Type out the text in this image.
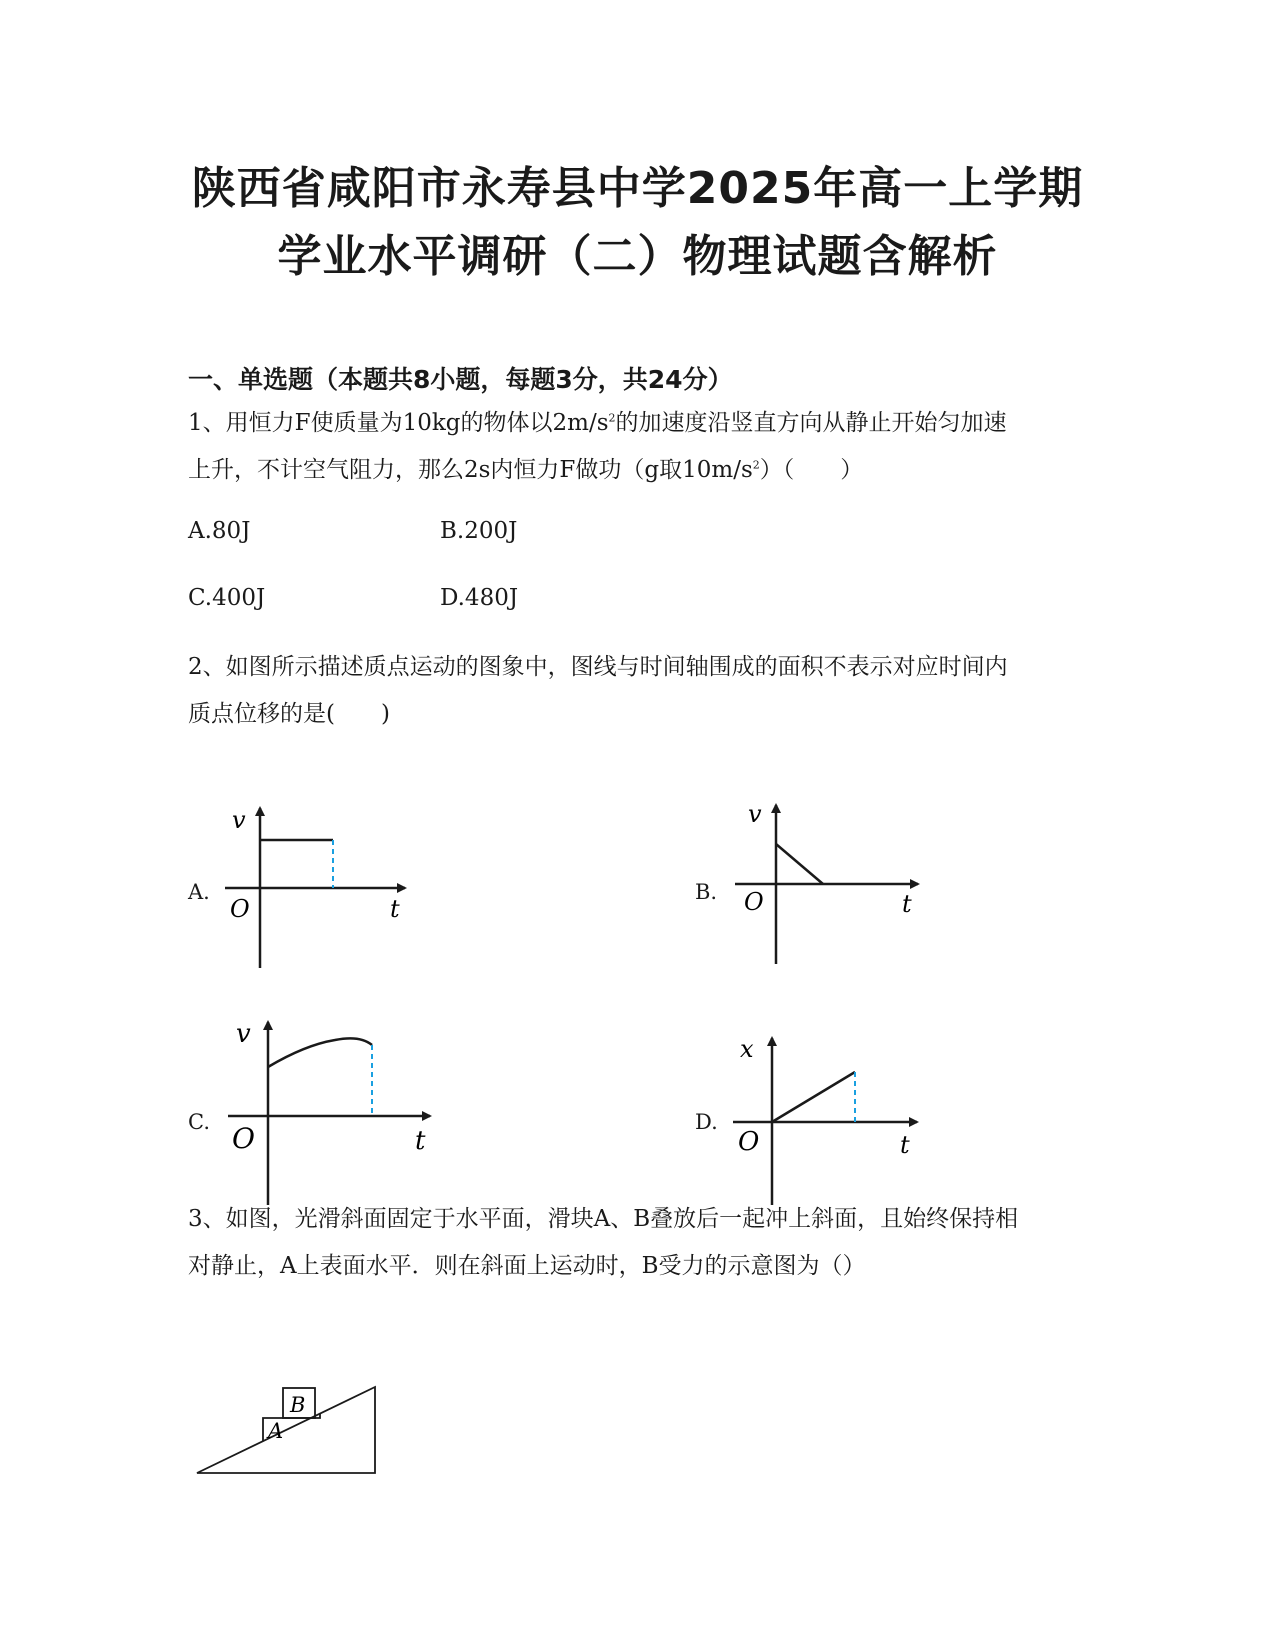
陕西省咸阳市永寿县中学2025年高一上学期
学业水平调研（二）物理试题含解析
一、单选题（本题共8小题，每题3分，共24分）
1、用恒力F使质量为10kg的物体以$2m/s^2$的加速度沿竖直方向从静止开始匀加速
上升，不计空气阻力，那么2s内恒力F做功（g取$10m/s^2$）（　　）
A.80J	B.200J
C.400J	D.480J
2、如图所示描述质点运动的图象中，图线与时间轴围成的面积不表示对应时间内
质点位移的是(　　)
A.
v
O	t
B.
v
O	t
C.
v
O	t
D.
x
O	t
3、如图，光滑斜面固定于水平面，滑块A、B叠放后一起冲上斜面，且始终保持相
对静止，A上表面水平．则在斜面上运动时，B受力的示意图为（）
A
B
